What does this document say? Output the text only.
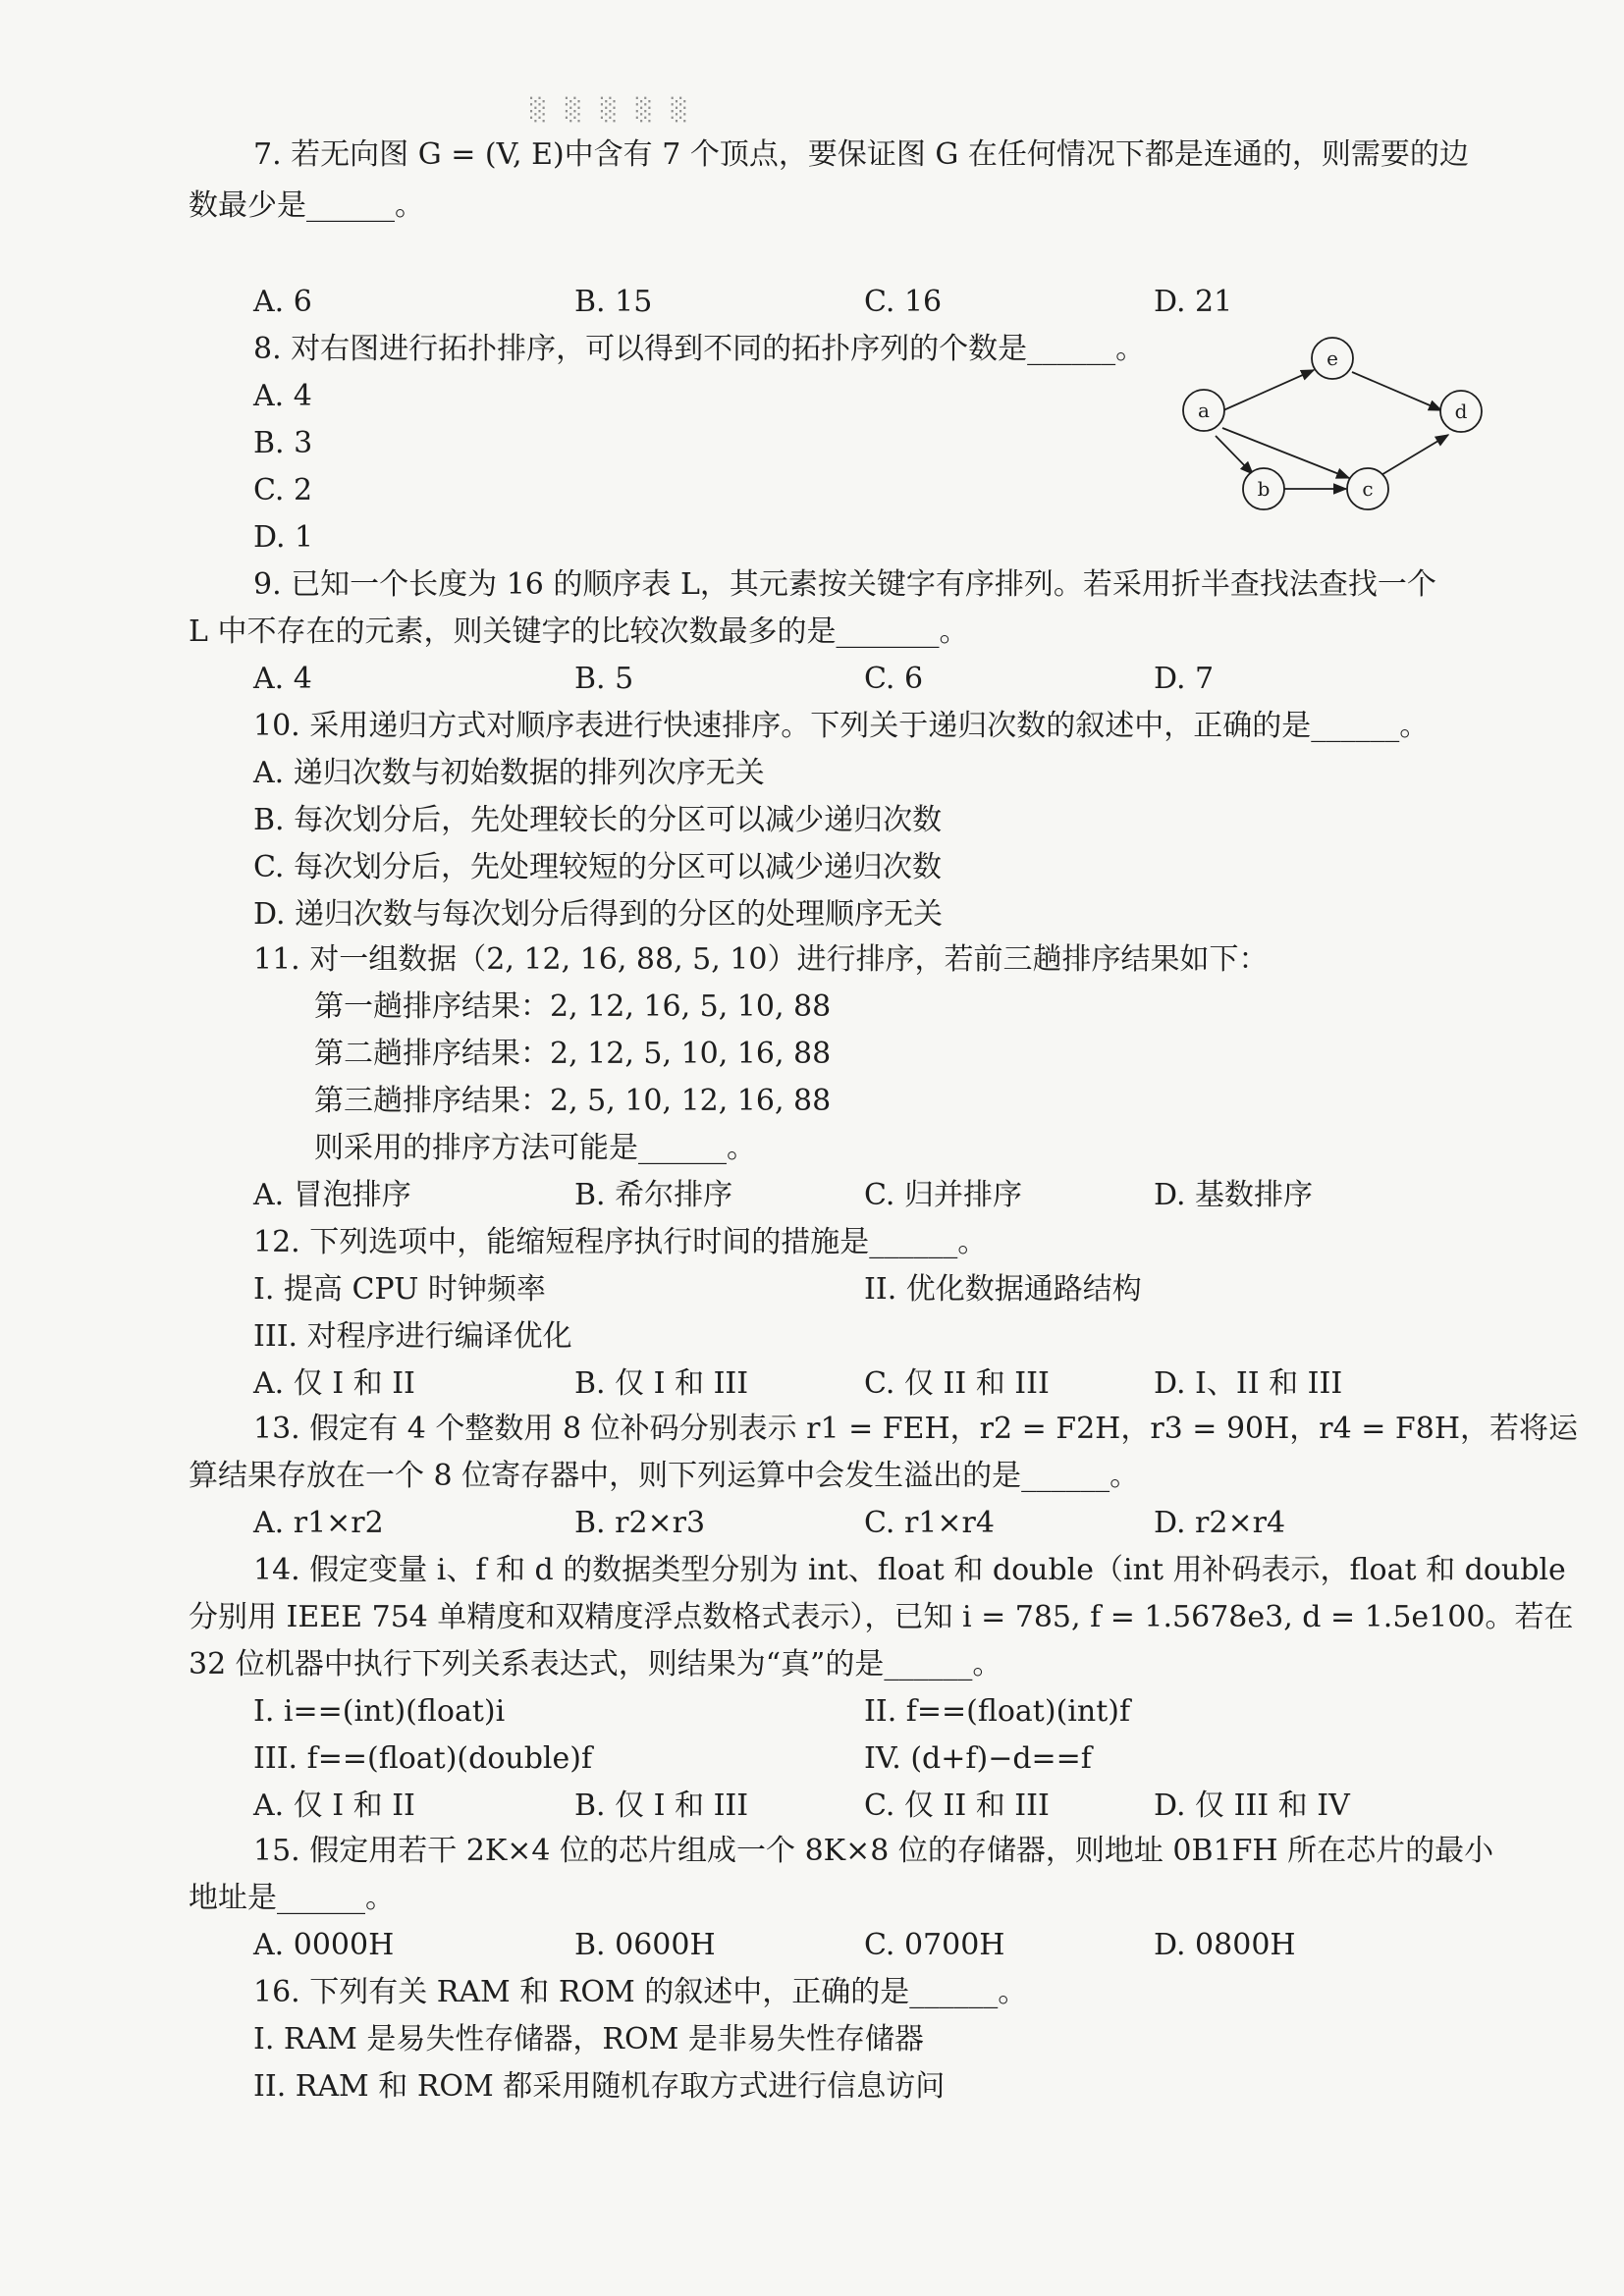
░ ░ ░ ░ ░
7. 若无向图 G = (V, E)中含有 7 个顶点，要保证图 G 在任何情况下都是连通的，则需要的边
数最少是______。
A. 6	B. 15	C. 16	D. 21
8. 对右图进行拓扑排序，可以得到不同的拓扑序列的个数是______。
A. 4
B. 3
C. 2
D. 1
a
e
d
b	c
9. 已知一个长度为 16 的顺序表 L，其元素按关键字有序排列。若采用折半查找法查找一个
L 中不存在的元素，则关键字的比较次数最多的是_______。
A. 4	B. 5	C. 6	D. 7
10. 采用递归方式对顺序表进行快速排序。下列关于递归次数的叙述中，正确的是______。
A. 递归次数与初始数据的排列次序无关
B. 每次划分后，先处理较长的分区可以减少递归次数
C. 每次划分后，先处理较短的分区可以减少递归次数
D. 递归次数与每次划分后得到的分区的处理顺序无关
11. 对一组数据（2, 12, 16, 88, 5, 10）进行排序，若前三趟排序结果如下：
第一趟排序结果：2, 12, 16, 5, 10, 88
第二趟排序结果：2, 12, 5, 10, 16, 88
第三趟排序结果：2, 5, 10, 12, 16, 88
则采用的排序方法可能是______。
A. 冒泡排序	B. 希尔排序	C. 归并排序	D. 基数排序
12. 下列选项中，能缩短程序执行时间的措施是______。
I. 提高 CPU 时钟频率	II. 优化数据通路结构
III. 对程序进行编译优化
A. 仅 I 和 II	B. 仅 I 和 III	C. 仅 II 和 III	D. I、II 和 III
13. 假定有 4 个整数用 8 位补码分别表示 r1 = FEH，r2 = F2H，r3 = 90H，r4 = F8H，若将运
算结果存放在一个 8 位寄存器中，则下列运算中会发生溢出的是______。
A. r1×r2	B. r2×r3	C. r1×r4	D. r2×r4
14. 假定变量 i、f 和 d 的数据类型分别为 int、float 和 double（int 用补码表示，float 和 double
分别用 IEEE 754 单精度和双精度浮点数格式表示），已知 i = 785, f = 1.5678e3, d = 1.5e100。若在
32 位机器中执行下列关系表达式，则结果为“真”的是______。
I. i==(int)(float)i	II. f==(float)(int)f
III. f==(float)(double)f	IV. (d+f)−d==f
A. 仅 I 和 II	B. 仅 I 和 III	C. 仅 II 和 III	D. 仅 III 和 IV
15. 假定用若干 2K×4 位的芯片组成一个 8K×8 位的存储器，则地址 0B1FH 所在芯片的最小
地址是______。
A. 0000H	B. 0600H	C. 0700H	D. 0800H
16. 下列有关 RAM 和 ROM 的叙述中，正确的是______。
I. RAM 是易失性存储器，ROM 是非易失性存储器
II. RAM 和 ROM 都采用随机存取方式进行信息访问
